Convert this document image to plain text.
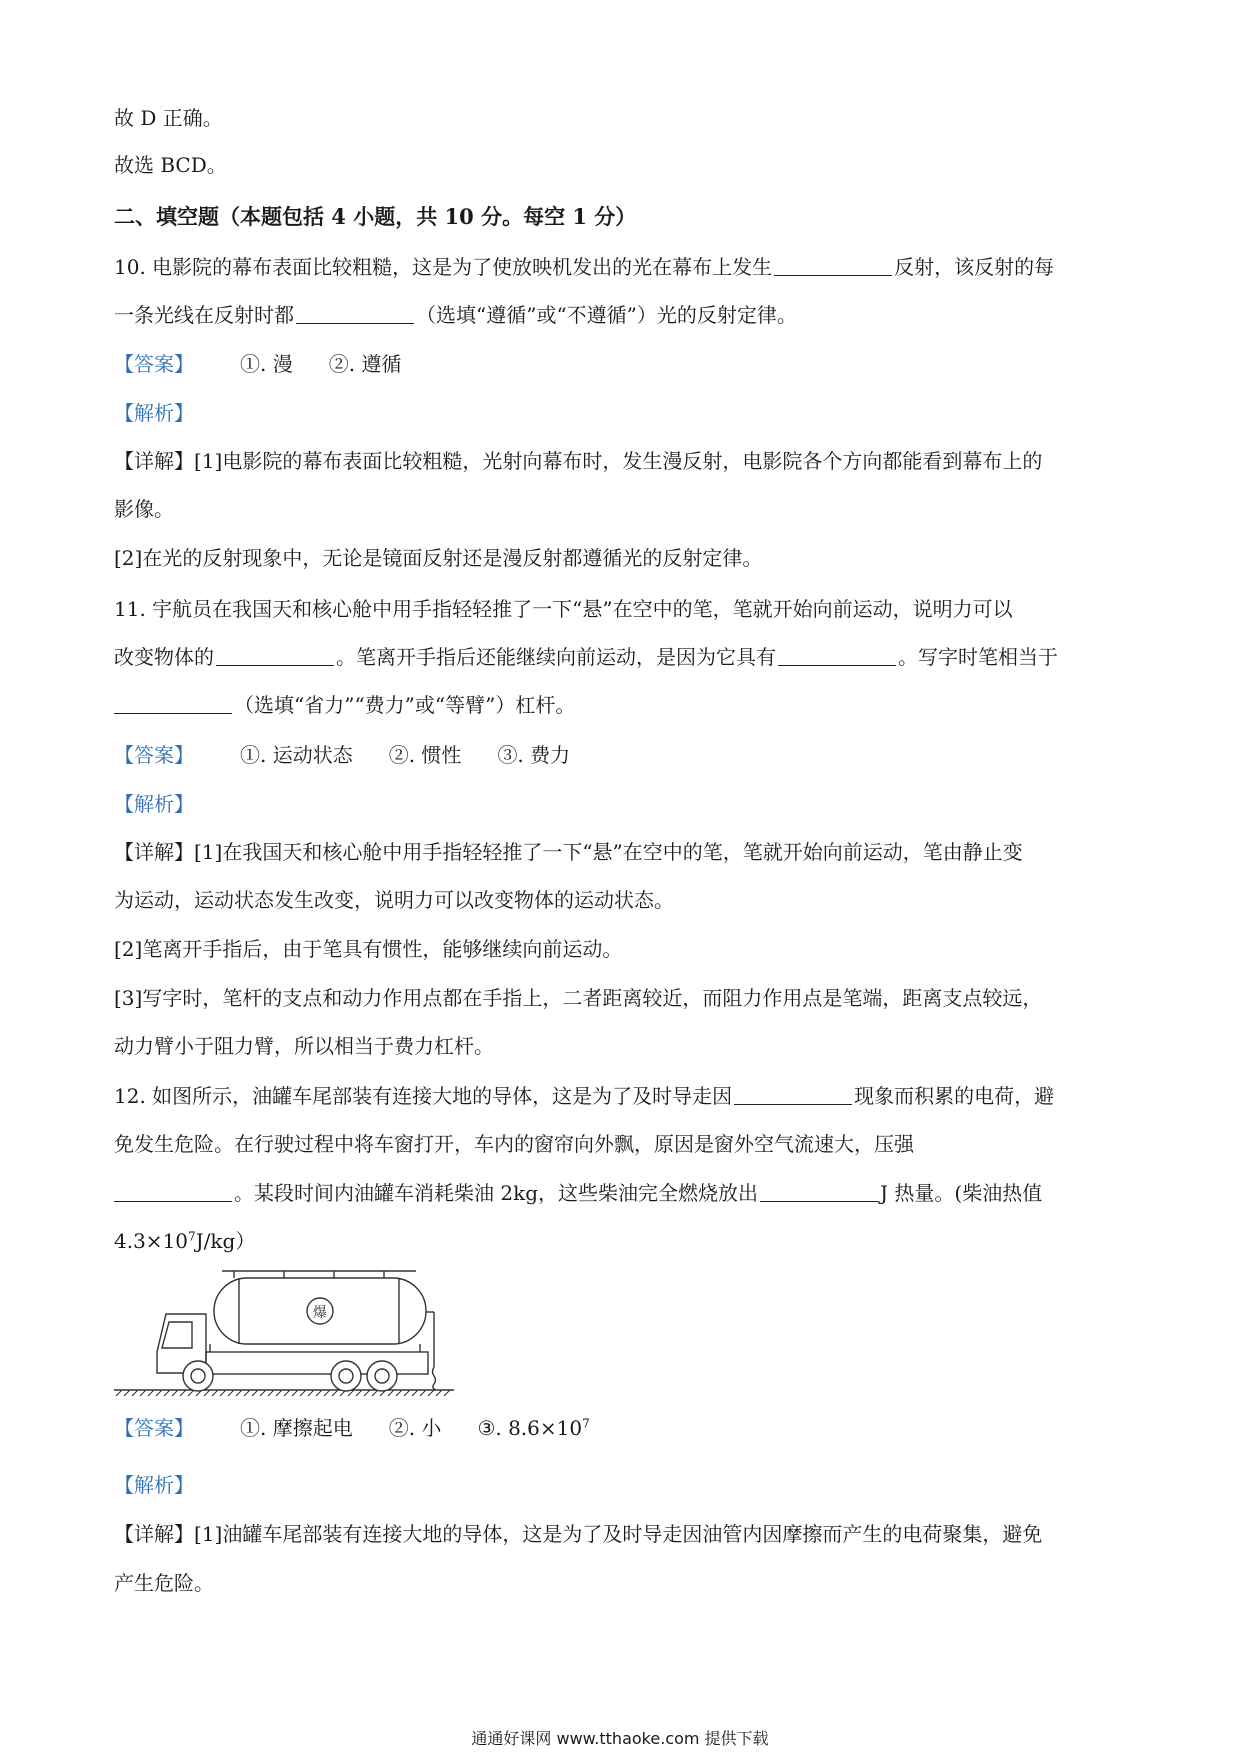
故 D 正确。
故选 BCD。
二、填空题（本题包括 4 小题，共 10 分。每空 1 分）
10. 电影院的幕布表面比较粗糙，这是为了使放映机发出的光在幕布上发生	反射，该反射的每
一条光线在反射时都	（选填“遵循”或“不遵循”）光的反射定律。
【答案】 ①. 漫 ②. 遵循
【解析】
【详解】[1]电影院的幕布表面比较粗糙，光射向幕布时，发生漫反射，电影院各个方向都能看到幕布上的
影像。
[2]在光的反射现象中，无论是镜面反射还是漫反射都遵循光的反射定律。
11. 宇航员在我国天和核心舱中用手指轻轻推了一下“悬”在空中的笔，笔就开始向前运动，说明力可以
改变物体的	。笔离开手指后还能继续向前运动，是因为它具有	。写字时笔相当于
（选填“省力”“费力”或“等臂”）杠杆。
【答案】 ①. 运动状态 ②. 惯性 ③. 费力
【解析】
【详解】[1]在我国天和核心舱中用手指轻轻推了一下“悬”在空中的笔，笔就开始向前运动，笔由静止变
为运动，运动状态发生改变，说明力可以改变物体的运动状态。
[2]笔离开手指后，由于笔具有惯性，能够继续向前运动。
[3]写字时，笔杆的支点和动力作用点都在手指上，二者距离较近，而阻力作用点是笔端，距离支点较远，
动力臂小于阻力臂，所以相当于费力杠杆。
12. 如图所示，油罐车尾部装有连接大地的导体，这是为了及时导走因	现象而积累的电荷，避
免发生危险。在行驶过程中将车窗打开，车内的窗帘向外飘，原因是窗外空气流速大，压强
。某段时间内油罐车消耗柴油 2kg，这些柴油完全燃烧放出	J 热量。(柴油热值
$4.3\times 10^7J/kg$）
爆
【答案】 ①. 摩擦起电 ②. 小 ③. $8.6\times 10^7$
【解析】
【详解】[1]油罐车尾部装有连接大地的导体，这是为了及时导走因油管内因摩擦而产生的电荷聚集，避免
产生危险。
通通好课网 www.tthaoke.com 提供下载
